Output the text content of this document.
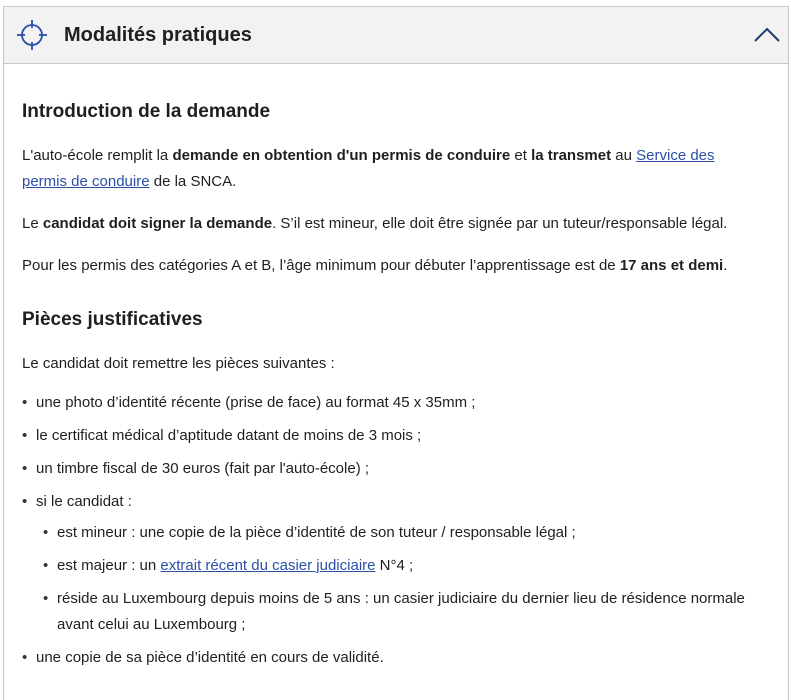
Modalités pratiques
Introduction de la demande

L'auto-école remplit la demande en obtention d'un permis de conduire et la transmet au Service des permis de conduire de la SNCA.

Le candidat doit signer la demande. S’il est mineur, elle doit être signée par un tuteur/responsable légal.

Pour les permis des catégories A et B, l’âge minimum pour débuter l’apprentissage est de 17 ans et demi.

Pièces justificatives

Le candidat doit remettre les pièces suivantes :

• une photo d’identité récente (prise de face) au format 45 x 35mm ;
• le certificat médical d’aptitude datant de moins de 3 mois ;
• un timbre fiscal de 30 euros (fait par l'auto-école) ;
• si le candidat :
• est mineur : une copie de la pièce d’identité de son tuteur / responsable légal ;
• est majeur : un extrait récent du casier judiciaire N°4 ;
• réside au Luxembourg depuis moins de 5 ans : un casier judiciaire du dernier lieu de résidence normale avant celui au Luxembourg ;
• une copie de sa pièce d’identité en cours de validité.
